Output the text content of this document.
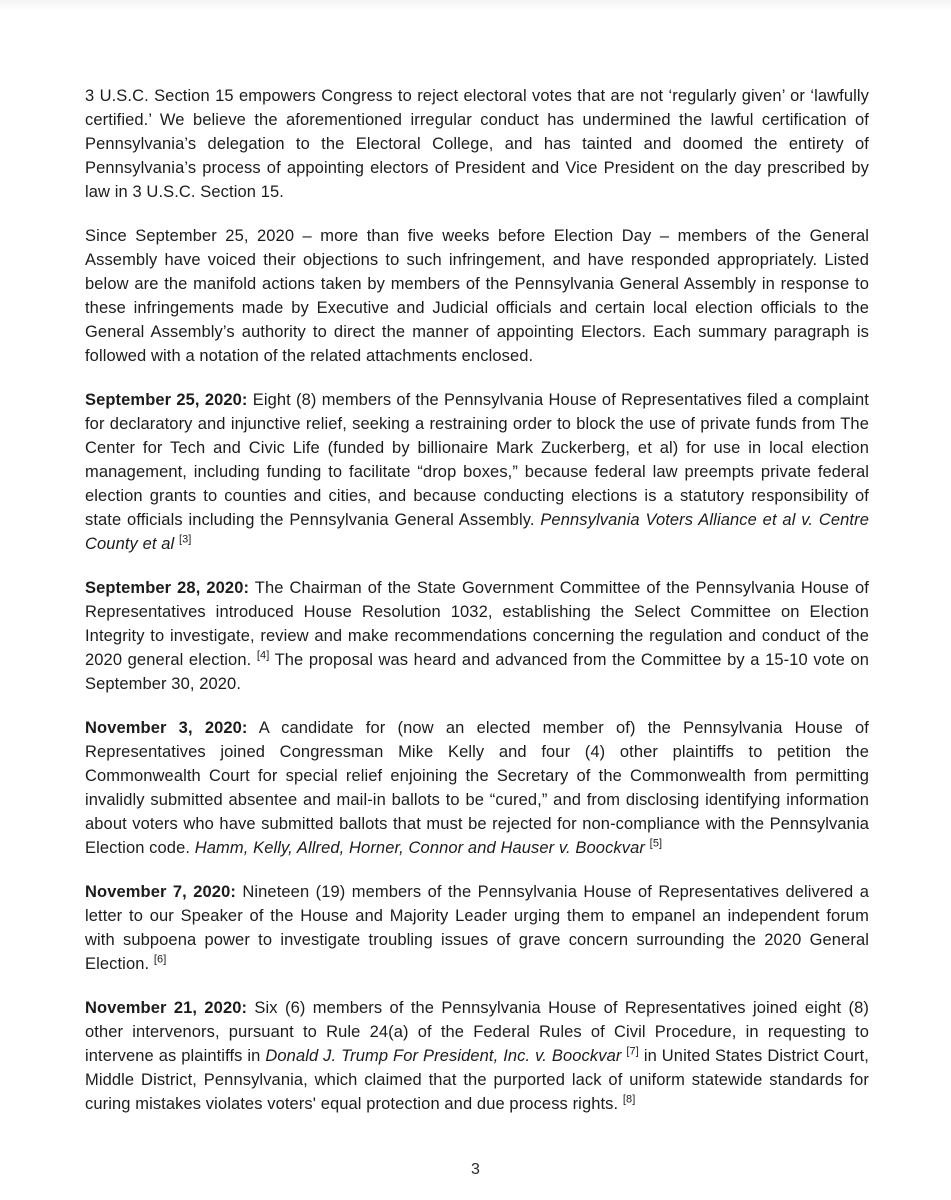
3 U.S.C. Section 15 empowers Congress to reject electoral votes that are not ‘regularly given’ or ‘lawfully certified.’ We believe the aforementioned irregular conduct has undermined the lawful certification of Pennsylvania’s delegation to the Electoral College, and has tainted and doomed the entirety of Pennsylvania’s process of appointing electors of President and Vice President on the day prescribed by law in 3 U.S.C. Section 15.

Since September 25, 2020 – more than five weeks before Election Day – members of the General Assembly have voiced their objections to such infringement, and have responded appropriately. Listed below are the manifold actions taken by members of the Pennsylvania General Assembly in response to these infringements made by Executive and Judicial officials and certain local election officials to the General Assembly’s authority to direct the manner of appointing Electors. Each summary paragraph is followed with a notation of the related attachments enclosed.

September 25, 2020: Eight (8) members of the Pennsylvania House of Representatives filed a complaint for declaratory and injunctive relief, seeking a restraining order to block the use of private funds from The Center for Tech and Civic Life (funded by billionaire Mark Zuckerberg, et al) for use in local election management, including funding to facilitate “drop boxes,” because federal law preempts private federal election grants to counties and cities, and because conducting elections is a statutory responsibility of state officials including the Pennsylvania General Assembly. Pennsylvania Voters Alliance et al v. Centre County et al [3]

September 28, 2020: The Chairman of the State Government Committee of the Pennsylvania House of Representatives introduced House Resolution 1032, establishing the Select Committee on Election Integrity to investigate, review and make recommendations concerning the regulation and conduct of the 2020 general election. [4] The proposal was heard and advanced from the Committee by a 15-10 vote on September 30, 2020.

November 3, 2020: A candidate for (now an elected member of) the Pennsylvania House of Representatives joined Congressman Mike Kelly and four (4) other plaintiffs to petition the Commonwealth Court for special relief enjoining the Secretary of the Commonwealth from permitting invalidly submitted absentee and mail-in ballots to be “cured,” and from disclosing identifying information about voters who have submitted ballots that must be rejected for non-compliance with the Pennsylvania Election code. Hamm, Kelly, Allred, Horner, Connor and Hauser v. Boockvar [5]

November 7, 2020: Nineteen (19) members of the Pennsylvania House of Representatives delivered a letter to our Speaker of the House and Majority Leader urging them to empanel an independent forum with subpoena power to investigate troubling issues of grave concern surrounding the 2020 General Election. [6]

November 21, 2020: Six (6) members of the Pennsylvania House of Representatives joined eight (8) other intervenors, pursuant to Rule 24(a) of the Federal Rules of Civil Procedure, in requesting to intervene as plaintiffs in Donald J. Trump For President, Inc. v. Boockvar [7] in United States District Court, Middle District, Pennsylvania, which claimed that the purported lack of uniform statewide standards for curing mistakes violates voters' equal protection and due process rights. [8]

3
